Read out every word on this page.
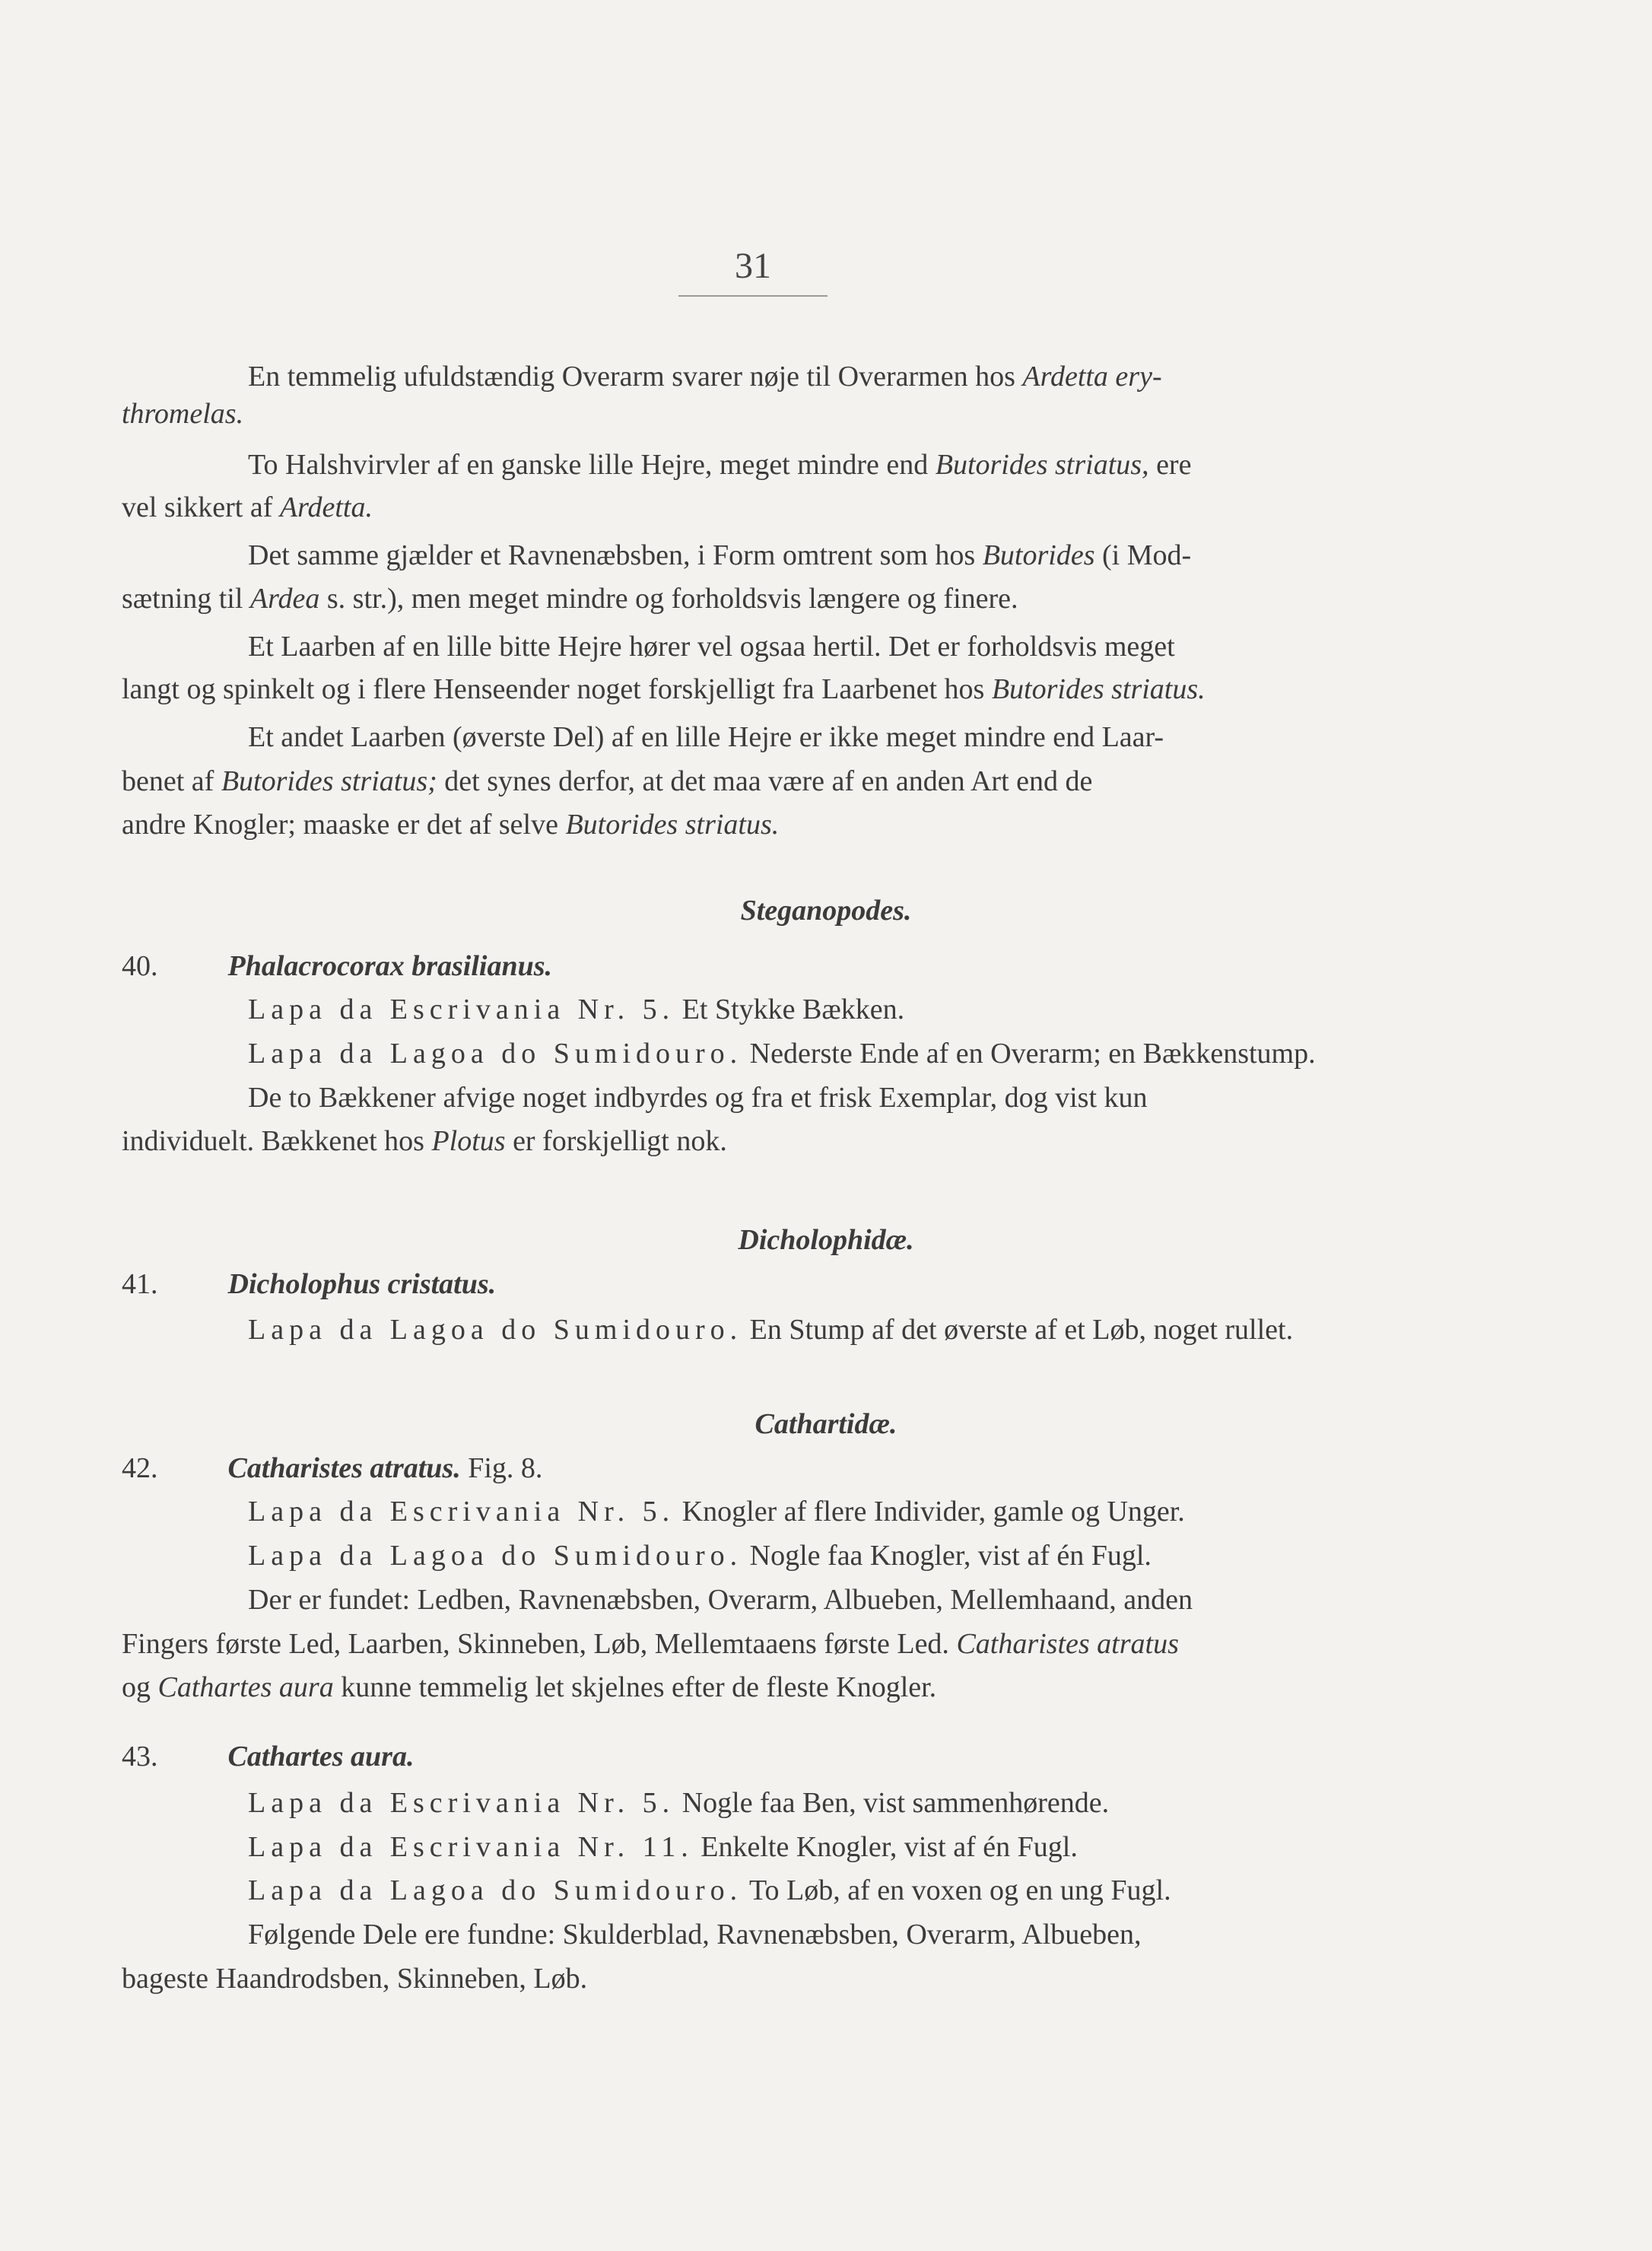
31
En temmelig ufuldstændig Overarm svarer nøje til Overarmen hos Ardetta ery-
thromelas.
To Halshvirvler af en ganske lille Hejre, meget mindre end Butorides striatus, ere
vel sikkert af Ardetta.
Det samme gjælder et Ravnenæbsben, i Form omtrent som hos Butorides (i Mod-
sætning til Ardea s. str.), men meget mindre og forholdsvis længere og finere.
Et Laarben af en lille bitte Hejre hører vel ogsaa hertil. Det er forholdsvis meget
langt og spinkelt og i flere Henseender noget forskjelligt fra Laarbenet hos Butorides striatus.
Et andet Laarben (øverste Del) af en lille Hejre er ikke meget mindre end Laar-
benet af Butorides striatus; det synes derfor, at det maa være af en anden Art end de
andre Knogler; maaske er det af selve Butorides striatus.
Steganopodes.
40. Phalacrocorax brasilianus.
Lapa da Escrivania Nr. 5. Et Stykke Bækken.
Lapa da Lagoa do Sumidouro. Nederste Ende af en Overarm; en Bækkenstump.
De to Bækkener afvige noget indbyrdes og fra et frisk Exemplar, dog vist kun
individuelt. Bækkenet hos Plotus er forskjelligt nok.
Dicholophidæ.
41. Dicholophus cristatus.
Lapa da Lagoa do Sumidouro. En Stump af det øverste af et Løb, noget rullet.
Cathartidæ.
42. Catharistes atratus. Fig. 8.
Lapa da Escrivania Nr. 5. Knogler af flere Individer, gamle og Unger.
Lapa da Lagoa do Sumidouro. Nogle faa Knogler, vist af én Fugl.
Der er fundet: Ledben, Ravnenæbsben, Overarm, Albueben, Mellemhaand, anden
Fingers første Led, Laarben, Skinneben, Løb, Mellemtaaens første Led. Catharistes atratus
og Cathartes aura kunne temmelig let skjelnes efter de fleste Knogler.
43. Cathartes aura.
Lapa da Escrivania Nr. 5. Nogle faa Ben, vist sammenhørende.
Lapa da Escrivania Nr. 11. Enkelte Knogler, vist af én Fugl.
Lapa da Lagoa do Sumidouro. To Løb, af en voxen og en ung Fugl.
Følgende Dele ere fundne: Skulderblad, Ravnenæbsben, Overarm, Albueben,
bageste Haandrodsben, Skinneben, Løb.
